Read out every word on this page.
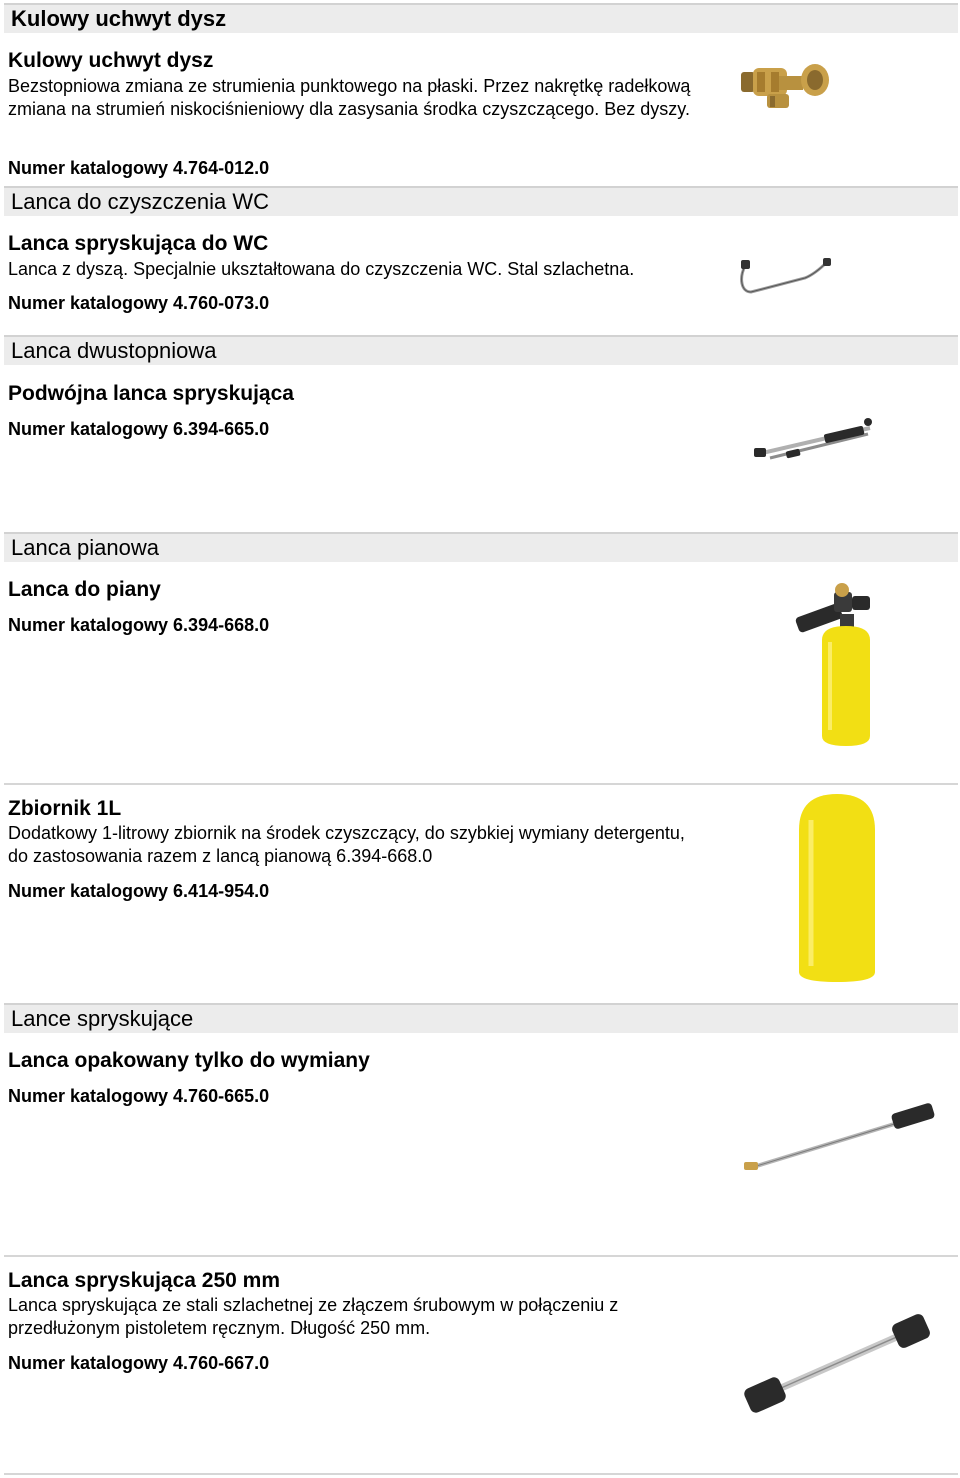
Kulowy uchwyt dysz

Kulowy uchwyt dysz

Bezstopniowa zmiana ze strumienia punktowego na płaski. Przez nakrętkę radełkową zmiana na strumień niskociśnieniowy dla zasysania środka czyszczącego. Bez dyszy.

Numer katalogowy 4.764-012.0

Lanca do czyszczenia WC

Lanca spryskująca do WC

Lanca z dyszą. Specjalnie ukształtowana do czyszczenia WC. Stal szlachetna.

Numer katalogowy 4.760-073.0

Lanca dwustopniowa

Podwójna lanca spryskująca

Numer katalogowy 6.394-665.0

Lanca pianowa

Lanca do piany

Numer katalogowy 6.394-668.0

Zbiornik 1L

Dodatkowy 1-litrowy zbiornik na środek czyszczący, do szybkiej wymiany detergentu, do zastosowania razem z lancą pianową 6.394-668.0

Numer katalogowy 6.414-954.0

Lance spryskujące

Lanca opakowany tylko do wymiany

Numer katalogowy 4.760-665.0

Lanca spryskująca 250 mm

Lanca spryskująca ze stali szlachetnej ze złączem śrubowym w połączeniu z przedłużonym pistoletem ręcznym. Długość 250 mm.

Numer katalogowy 4.760-667.0
